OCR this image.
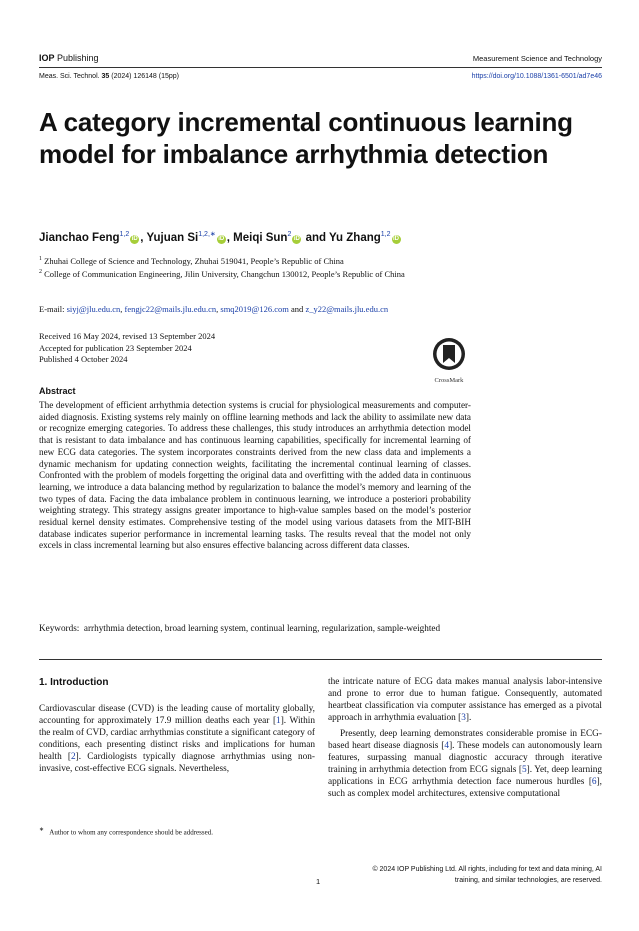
IOP Publishing	Measurement Science and Technology
Meas. Sci. Technol. 35 (2024) 126148 (15pp)	https://doi.org/10.1088/1361-6501/ad7e46
A category incremental continuous learning model for imbalance arrhythmia detection
Jianchao Feng$^{1,2}$iD , Yujuan $Si^{1,2,∗}iD$ , Meiqi Sun$^2$iD and Yu Zhang$^{1,2}$iD
$^1$ Zhuhai College of Science and Technology, Zhuhai 519041, People’s Republic of China
$^2$ College of Communication Engineering, Jilin University, Changchun 130012, People’s Republic of China
E-mail: siyj@jlu.edu.cn, fengjc22@mails.jlu.edu.cn, smq2019@126.com and z_y22@mails.jlu.edu.cn
Received 16 May 2024, revised 13 September 2024
Accepted for publication 23 September 2024
Published 4 October 2024
CrossMark
Abstract
The development of efficient arrhythmia detection systems is crucial for physiological measurements and computer-aided diagnosis. Existing systems rely mainly on offline learning methods and lack the ability to assimilate new data or recognize emerging categories. To address these challenges, this study introduces an arrhythmia detection model that is resistant to data imbalance and has continuous learning capabilities, specifically for incremental learning of new ECG data categories. The system incorporates constraints derived from the new class data and implements a dynamic mechanism for updating connection weights, facilitating the incremental continual learning of classes. Confronted with the problem of models forgetting the original data and overfitting with the added data in continuous learning, we introduce a data balancing method by regularization to balance the model’s memory and learning of the two types of data. Facing the data imbalance problem in continuous learning, we introduce a posteriori probability weighting strategy. This strategy assigns greater importance to high-value samples based on the model’s posterior residual kernel density estimates. Comprehensive testing of the model using various datasets from the MIT-BIH database indicates superior performance in incremental learning tasks. The results reveal that the model not only excels in class incremental learning but also ensures effective balancing across different data classes.
Keywords: arrhythmia detection, broad learning system, continual learning, regularization, sample-weighted
1. Introduction

Cardiovascular disease (CVD) is the leading cause of mortality globally, accounting for approximately 17.9 million deaths each year [1]. Within the realm of CVD, cardiac arrhythmias constitute a significant category of conditions, each presenting distinct risks and implications for human health [2]. Cardiologists typically diagnose arrhythmias using non-invasive, cost-effective ECG signals. Nevertheless,

the intricate nature of ECG data makes manual analysis labor-intensive and prone to error due to human fatigue. Consequently, automated heartbeat classification via computer assistance has emerged as a pivotal approach in arrhythmia evaluation [3].

Presently, deep learning demonstrates considerable promise in ECG-based heart disease diagnosis [4]. These models can autonomously learn features, surpassing manual diagnostic accuracy through iterative training in arrhythmia detection from ECG signals [5]. Yet, deep learning applications in ECG arrhythmia detection face numerous hurdles [6], such as complex model architectures, extensive computational

∗ Author to whom any correspondence should be addressed.
1
© 2024 IOP Publishing Ltd. All rights, including for text and data mining, AI training, and similar technologies, are reserved.
